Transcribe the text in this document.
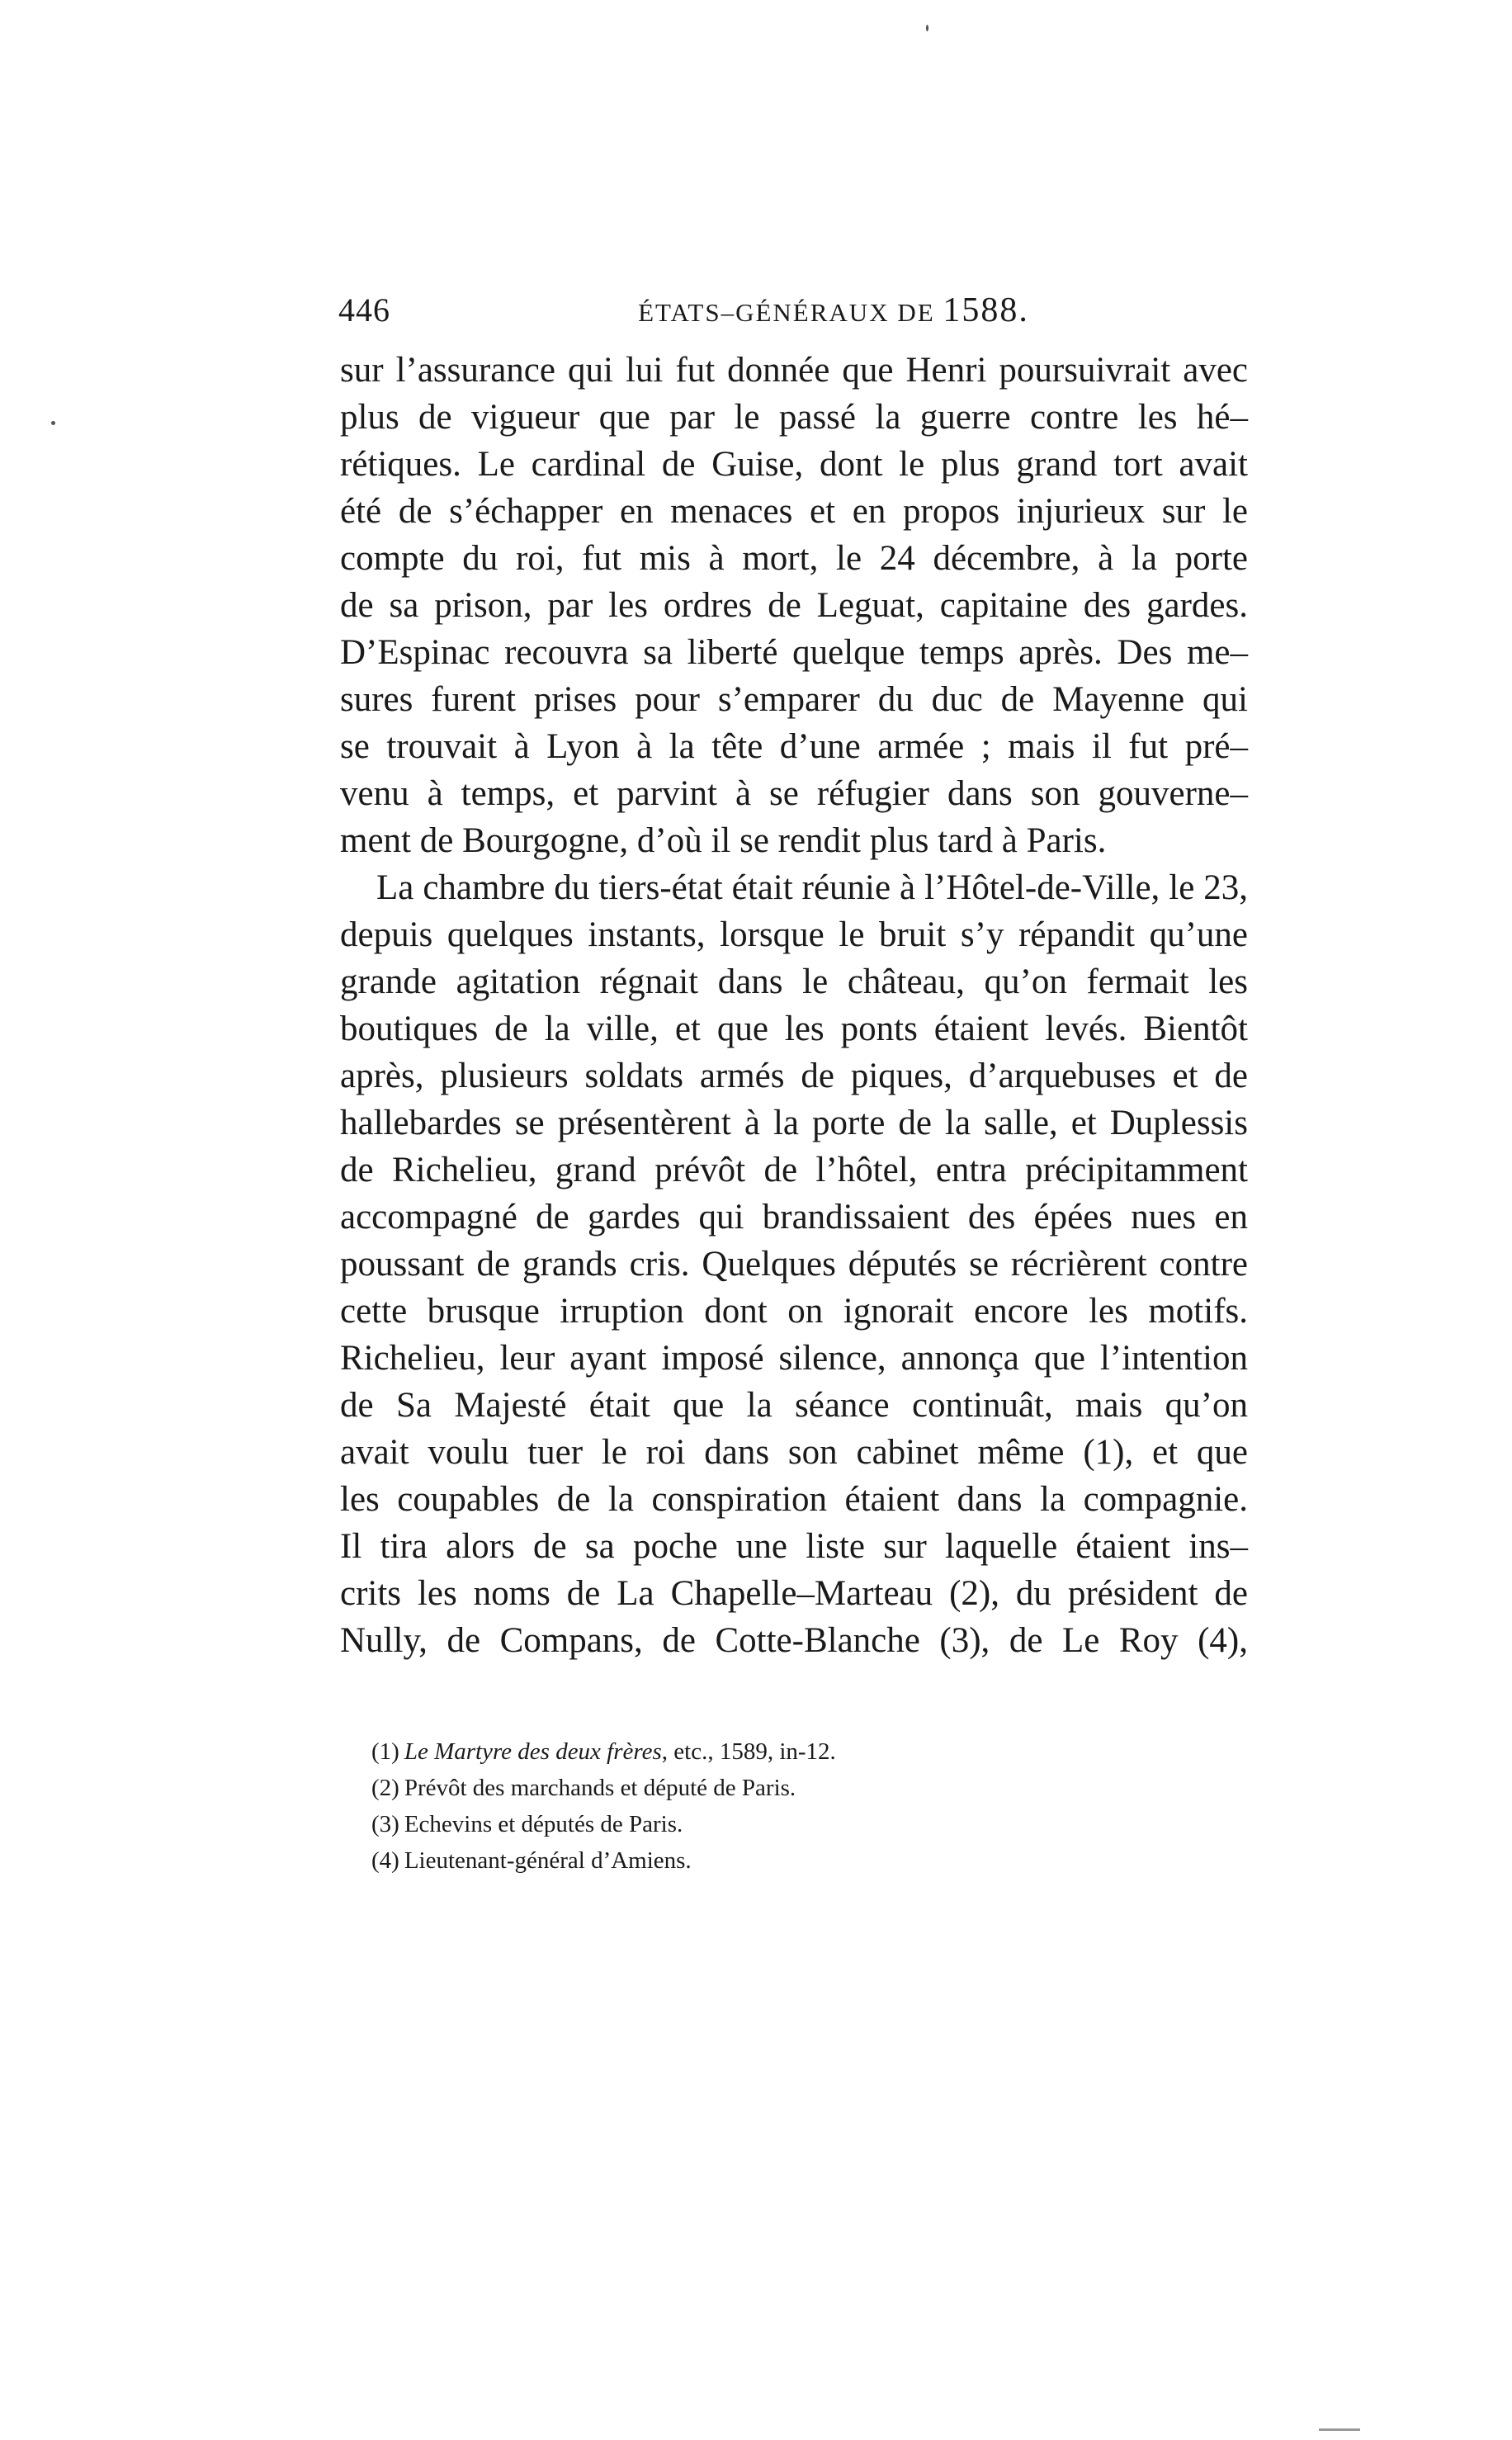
446	ÉTATS–GÉNÉRAUX DE 1588.
sur l’assurance qui lui fut donnée que Henri poursuivrait avec
plus de vigueur que par le passé la guerre contre les hé–
rétiques. Le cardinal de Guise, dont le plus grand tort avait
été de s’échapper en menaces et en propos injurieux sur le
compte du roi, fut mis à mort, le 24 décembre, à la porte
de sa prison, par les ordres de Leguat, capitaine des gardes.
D’Espinac recouvra sa liberté quelque temps après. Des me–
sures furent prises pour s’emparer du duc de Mayenne qui
se trouvait à Lyon à la tête d’une armée ; mais il fut pré–
venu à temps, et parvint à se réfugier dans son gouverne–
ment de Bourgogne, d’où il se rendit plus tard à Paris.
La chambre du tiers-état était réunie à l’Hôtel-de-Ville, le 23,
depuis quelques instants, lorsque le bruit s’y répandit qu’une
grande agitation régnait dans le château, qu’on fermait les
boutiques de la ville, et que les ponts étaient levés. Bientôt
après, plusieurs soldats armés de piques, d’arquebuses et de
hallebardes se présentèrent à la porte de la salle, et Duplessis
de Richelieu, grand prévôt de l’hôtel, entra précipitamment
accompagné de gardes qui brandissaient des épées nues en
poussant de grands cris. Quelques députés se récrièrent contre
cette brusque irruption dont on ignorait encore les motifs.
Richelieu, leur ayant imposé silence, annonça que l’intention
de Sa Majesté était que la séance continuât, mais qu’on
avait voulu tuer le roi dans son cabinet même (1), et que
les coupables de la conspiration étaient dans la compagnie.
Il tira alors de sa poche une liste sur laquelle étaient ins–
crits les noms de La Chapelle–Marteau (2), du président de
Nully, de Compans, de Cotte-Blanche (3), de Le Roy (4),
(1) Le Martyre des deux frères, etc., 1589, in-12.
(2) Prévôt des marchands et député de Paris.
(3) Echevins et députés de Paris.
(4) Lieutenant-général d’Amiens.
